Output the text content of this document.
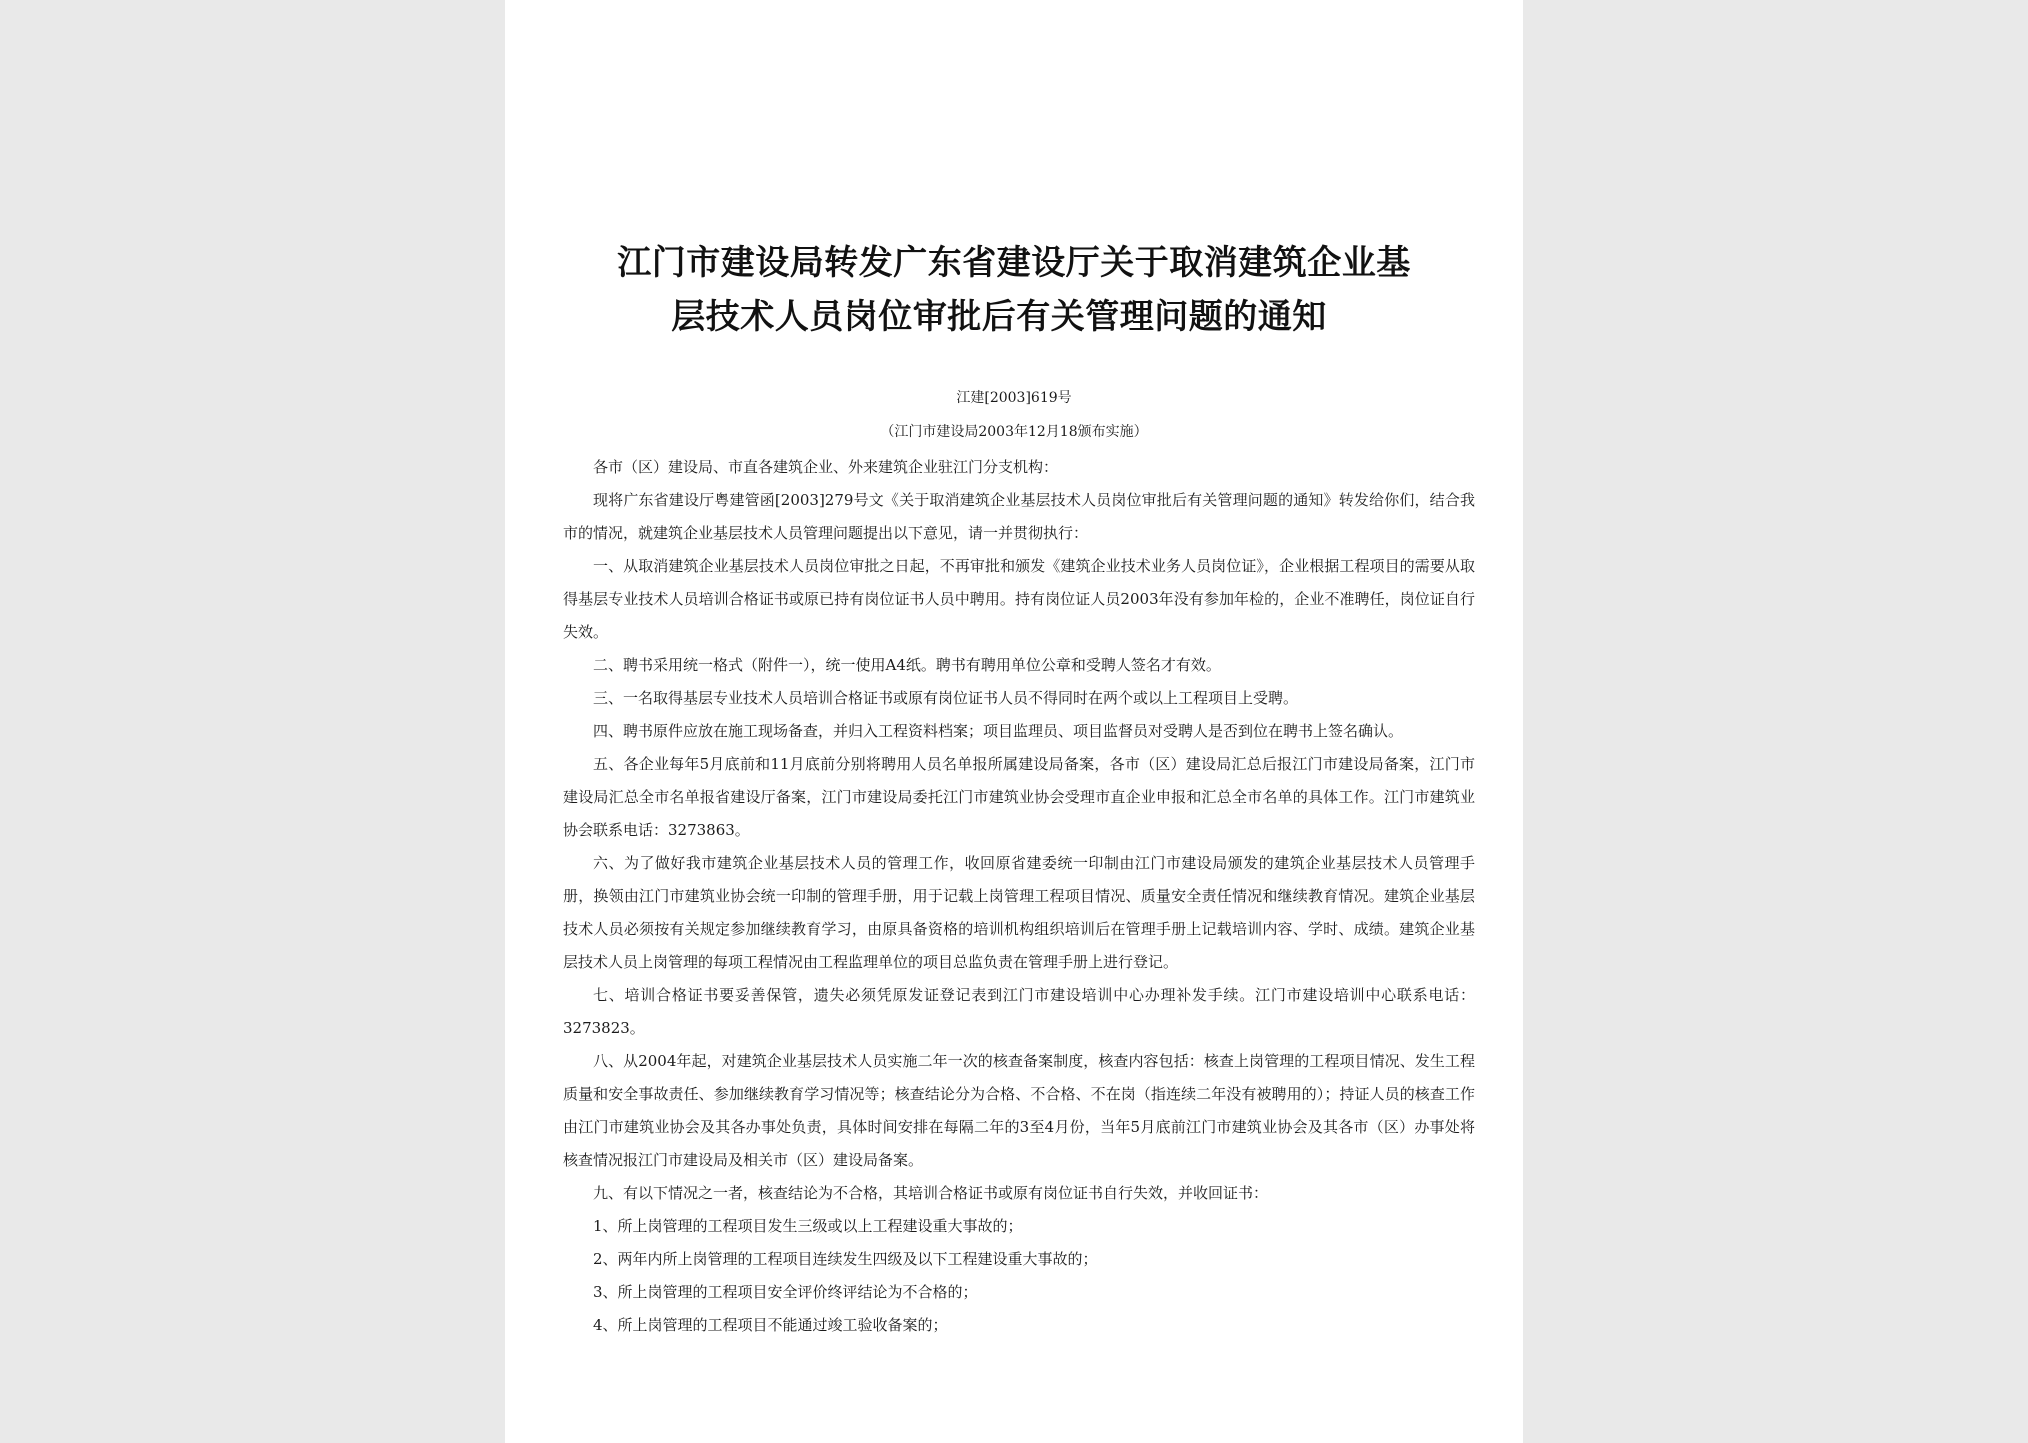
江门市建设局转发广东省建设厅关于取消建筑企业基
层技术人员岗位审批后有关管理问题的通知
江建[2003]619号
（江门市建设局2003年12月18颁布实施）

各市（区）建设局、市直各建筑企业、外来建筑企业驻江门分支机构：

现将广东省建设厅粤建管函[2003]279号文《关于取消建筑企业基层技术人员岗位审批后有关管理问题的通知》转发给你们，结合我市的情况，就建筑企业基层技术人员管理问题提出以下意见，请一并贯彻执行：

一、从取消建筑企业基层技术人员岗位审批之日起，不再审批和颁发《建筑企业技术业务人员岗位证》，企业根据工程项目的需要从取得基层专业技术人员培训合格证书或原已持有岗位证书人员中聘用。持有岗位证人员2003年没有参加年检的，企业不准聘任，岗位证自行失效。

二、聘书采用统一格式（附件一），统一使用A4纸。聘书有聘用单位公章和受聘人签名才有效。

三、一名取得基层专业技术人员培训合格证书或原有岗位证书人员不得同时在两个或以上工程项目上受聘。

四、聘书原件应放在施工现场备查，并归入工程资料档案；项目监理员、项目监督员对受聘人是否到位在聘书上签名确认。

五、各企业每年5月底前和11月底前分别将聘用人员名单报所属建设局备案，各市（区）建设局汇总后报江门市建设局备案，江门市建设局汇总全市名单报省建设厅备案，江门市建设局委托江门市建筑业协会受理市直企业申报和汇总全市名单的具体工作。江门市建筑业协会联系电话：3273863。

六、为了做好我市建筑企业基层技术人员的管理工作，收回原省建委统一印制由江门市建设局颁发的建筑企业基层技术人员管理手册，换领由江门市建筑业协会统一印制的管理手册，用于记载上岗管理工程项目情况、质量安全责任情况和继续教育情况。建筑企业基层技术人员必须按有关规定参加继续教育学习，由原具备资格的培训机构组织培训后在管理手册上记载培训内容、学时、成绩。建筑企业基层技术人员上岗管理的每项工程情况由工程监理单位的项目总监负责在管理手册上进行登记。

七、培训合格证书要妥善保管，遗失必须凭原发证登记表到江门市建设培训中心办理补发手续。江门市建设培训中心联系电话：3273823。

八、从2004年起，对建筑企业基层技术人员实施二年一次的核查备案制度，核查内容包括：核查上岗管理的工程项目情况、发生工程质量和安全事故责任、参加继续教育学习情况等；核查结论分为合格、不合格、不在岗（指连续二年没有被聘用的）；持证人员的核查工作由江门市建筑业协会及其各办事处负责，具体时间安排在每隔二年的3至4月份，当年5月底前江门市建筑业协会及其各市（区）办事处将核查情况报江门市建设局及相关市（区）建设局备案。

九、有以下情况之一者，核查结论为不合格，其培训合格证书或原有岗位证书自行失效，并收回证书：

1、所上岗管理的工程项目发生三级或以上工程建设重大事故的；

2、两年内所上岗管理的工程项目连续发生四级及以下工程建设重大事故的；

3、所上岗管理的工程项目安全评价终评结论为不合格的；

4、所上岗管理的工程项目不能通过竣工验收备案的；
